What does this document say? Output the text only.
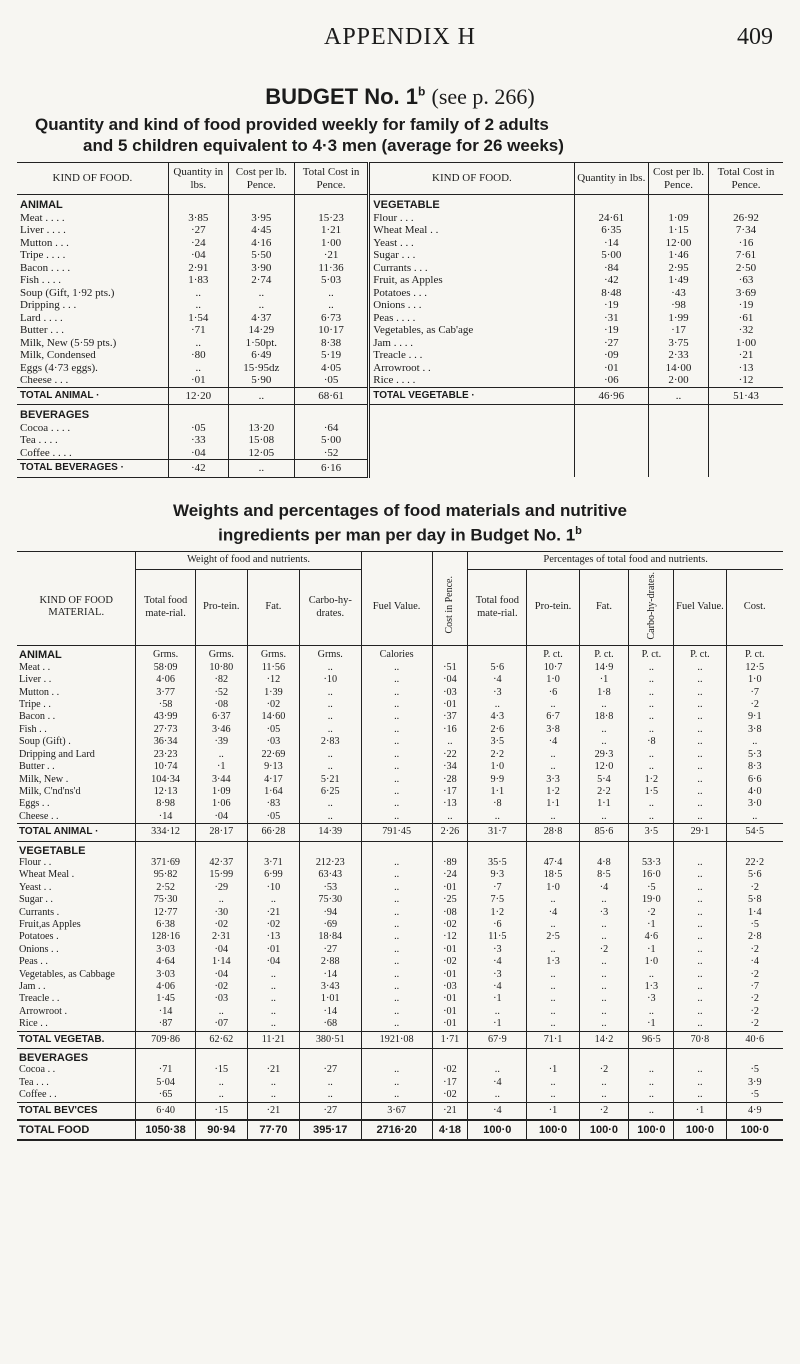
APPENDIX H	409
BUDGET No. 1$^b$ (see p. 266)
Quantity and kind of food provided weekly for family of 2 adults
and 5 children equivalent to 4·3 men (average for 26 weeks)
KIND OF FOOD.	Quantity in lbs.	Cost per lb. Pence.	Total Cost in Pence.	KIND OF FOOD.	Quantity in lbs.	Cost per lb. Pence.	Total Cost in Pence.
ANIMAL				VEGETABLE			
Meat . . . .	3·85	3·95	15·23	Flour . . .	24·61	1·09	26·92
Liver . . . .	·27	4·45	1·21	Wheat Meal . .	6·35	1·15	7·34
Mutton . . .	·24	4·16	1·00	Yeast . . .	·14	12·00	·16
Tripe . . . .	·04	5·50	·21	Sugar . . .	5·00	1·46	7·61
Bacon . . . .	2·91	3·90	11·36	Currants . . .	·84	2·95	2·50
Fish . . . .	1·83	2·74	5·03	Fruit, as Apples	·42	1·49	·63
Soup (Gift, 1·92 pts.)	..	..	..	Potatoes . . .	8·48	·43	3·69
Dripping . . .	..	..	..	Onions . . .	·19	·98	·19
Lard . . . .	1·54	4·37	6·73	Peas . . . .	·31	1·99	·61
Butter . . .	·71	14·29	10·17	Vegetables, as Cab'age	·19	·17	·32
Milk, New (5·59 pts.)	..	1·50pt.	8·38	Jam . . . .	·27	3·75	1·00
Milk, Condensed	·80	6·49	5·19	Treacle . . .	·09	2·33	·21
Eggs (4·73 eggs).	..	15·95dz	4·05	Arrowroot . .	·01	14·00	·13
Cheese . . .	·01	5·90	·05	Rice . . . .	·06	2·00	·12
TOTAL ANIMAL ·	12·20	..	68·61	TOTAL VEGETABLE ·	46·96	..	51·43
BEVERAGES							
Cocoa . . . .	·05	13·20	·64				
Tea . . . .	·33	15·08	5·00				
Coffee . . . .	·04	12·05	·52				
TOTAL BEVERAGES ·	·42	..	6·16				
Weights and percentages of food materials and nutritive
ingredients per man per day in Budget No. 1$^b$
	Weight of food and nutrients.						Percentages of total food and nutrients.					
KIND OF FOOD MATERIAL.	Total food mate-rial.	Pro-tein.	Fat.	Carbo-hy-drates.	Fuel Value.	Cost in Pence.	Total food mate-rial.	Pro-tein.	Fat.	Carbo-hy-drates.	Fuel Value.	Cost.
ANIMAL	Grms.	Grms.	Grms.	Grms.	Calories			P. ct.	P. ct.	P. ct.	P. ct.	P. ct.
Meat . .	58·09	10·80	11·56	..	..	·51	5·6	10·7	14·9	..	..	12·5
Liver . .	4·06	·82	·12	·10	..	·04	·4	1·0	·1	..	..	1·0
Mutton . .	3·77	·52	1·39	..	..	·03	·3	·6	1·8	..	..	·7
Tripe . .	·58	·08	·02	..	..	·01	..	..	..	..	..	·2
Bacon . .	43·99	6·37	14·60	..	..	·37	4·3	6·7	18·8	..	..	9·1
Fish . .	27·73	3·46	·05	..	..	·16	2·6	3·8	..	..	..	3·8
Soup (Gift) .	36·34	·39	·03	2·83	..	..	3·5	·4	..	·8	..	..
Dripping and Lard	23·23	..	22·69	..	..	·22	2·2	..	29·3	..	..	5·3
Butter . .	10·74	·1	9·13	..	..	·34	1·0	..	12·0	..	..	8·3
Milk, New .	104·34	3·44	4·17	5·21	..	·28	9·9	3·3	5·4	1·2	..	6·6
Milk, C'nd'ns'd	12·13	1·09	1·64	6·25	..	·17	1·1	1·2	2·2	1·5	..	4·0
Eggs . .	8·98	1·06	·83	..	..	·13	·8	1·1	1·1	..	..	3·0
Cheese . .	·14	·04	·05	..	..	..	..	..	..	..	..	..
TOTAL ANIMAL ·	334·12	28·17	66·28	14·39	791·45	2·26	31·7	28·8	85·6	3·5	29·1	54·5
VEGETABLE												
Flour . .	371·69	42·37	3·71	212·23	..	·89	35·5	47·4	4·8	53·3	..	22·2
Wheat Meal .	95·82	15·99	6·99	63·43	..	·24	9·3	18·5	8·5	16·0	..	5·6
Yeast . .	2·52	·29	·10	·53	..	·01	·7	1·0	·4	·5	..	·2
Sugar . .	75·30	..	..	75·30	..	·25	7·5	..	..	19·0	..	5·8
Currants .	12·77	·30	·21	·94	..	·08	1·2	·4	·3	·2	..	1·4
Fruit,as Apples	6·38	·02	·02	·69	..	·02	·6	..	..	·1	..	·5
Potatoes .	128·16	2·31	·13	18·84	..	·12	11·5	2·5	..	4·6	..	2·8
Onions . .	3·03	·04	·01	·27	..	·01	·3	..	·2	·1	..	·2
Peas . .	4·64	1·14	·04	2·88	..	·02	·4	1·3	..	1·0	..	·4
Vegetables, as Cabbage	3·03	·04	..	·14	..	·01	·3	..	..	..	..	·2
Jam . .	4·06	·02	..	3·43	..	·03	·4	..	..	1·3	..	·7
Treacle . .	1·45	·03	..	1·01	..	·01	·1	..	..	·3	..	·2
Arrowroot .	·14	..	..	·14	..	·01	..	..	..	..	..	·2
Rice . .	·87	·07	..	·68	..	·01	·1	..	..	·1	..	·2
TOTAL VEGETAB.	709·86	62·62	11·21	380·51	1921·08	1·71	67·9	71·1	14·2	96·5	70·8	40·6
BEVERAGES												
Cocoa . .	·71	·15	·21	·27	..	·02	..	·1	·2	..	..	·5
Tea . . .	5·04	..	..	..	..	·17	·4	..	..	..	..	3·9
Coffee . .	·65	..	..	..	..	·02	..	..	..	..	..	·5
TOTAL BEV'CES	6·40	·15	·21	·27	3·67	·21	·4	·1	·2	..	·1	4·9
TOTAL FOOD	1050·38	90·94	77·70	395·17	2716·20	4·18	100·0	100·0	100·0	100·0	100·0	100·0
